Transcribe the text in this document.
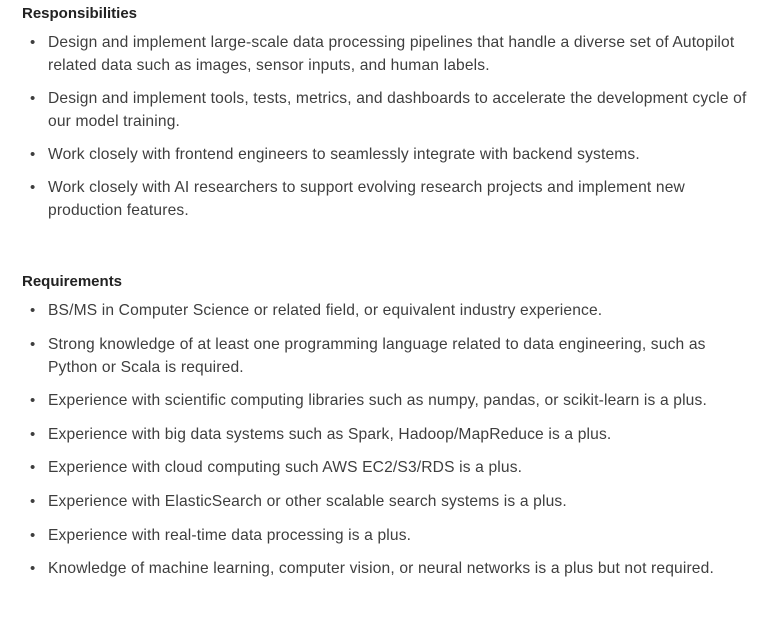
Responsibilities
• Design and implement large-scale data processing pipelines that handle a diverse set of Autopilot related data such as images, sensor inputs, and human labels.
• Design and implement tools, tests, metrics, and dashboards to accelerate the development cycle of our model training.
• Work closely with frontend engineers to seamlessly integrate with backend systems.
• Work closely with AI researchers to support evolving research projects and implement new production features.
Requirements
• BS/MS in Computer Science or related field, or equivalent industry experience.
• Strong knowledge of at least one programming language related to data engineering, such as Python or Scala is required.
• Experience with scientific computing libraries such as numpy, pandas, or scikit-learn is a plus.
• Experience with big data systems such as Spark, Hadoop/MapReduce is a plus.
• Experience with cloud computing such AWS EC2/S3/RDS is a plus.
• Experience with ElasticSearch or other scalable search systems is a plus.
• Experience with real-time data processing is a plus.
• Knowledge of machine learning, computer vision, or neural networks is a plus but not required.
